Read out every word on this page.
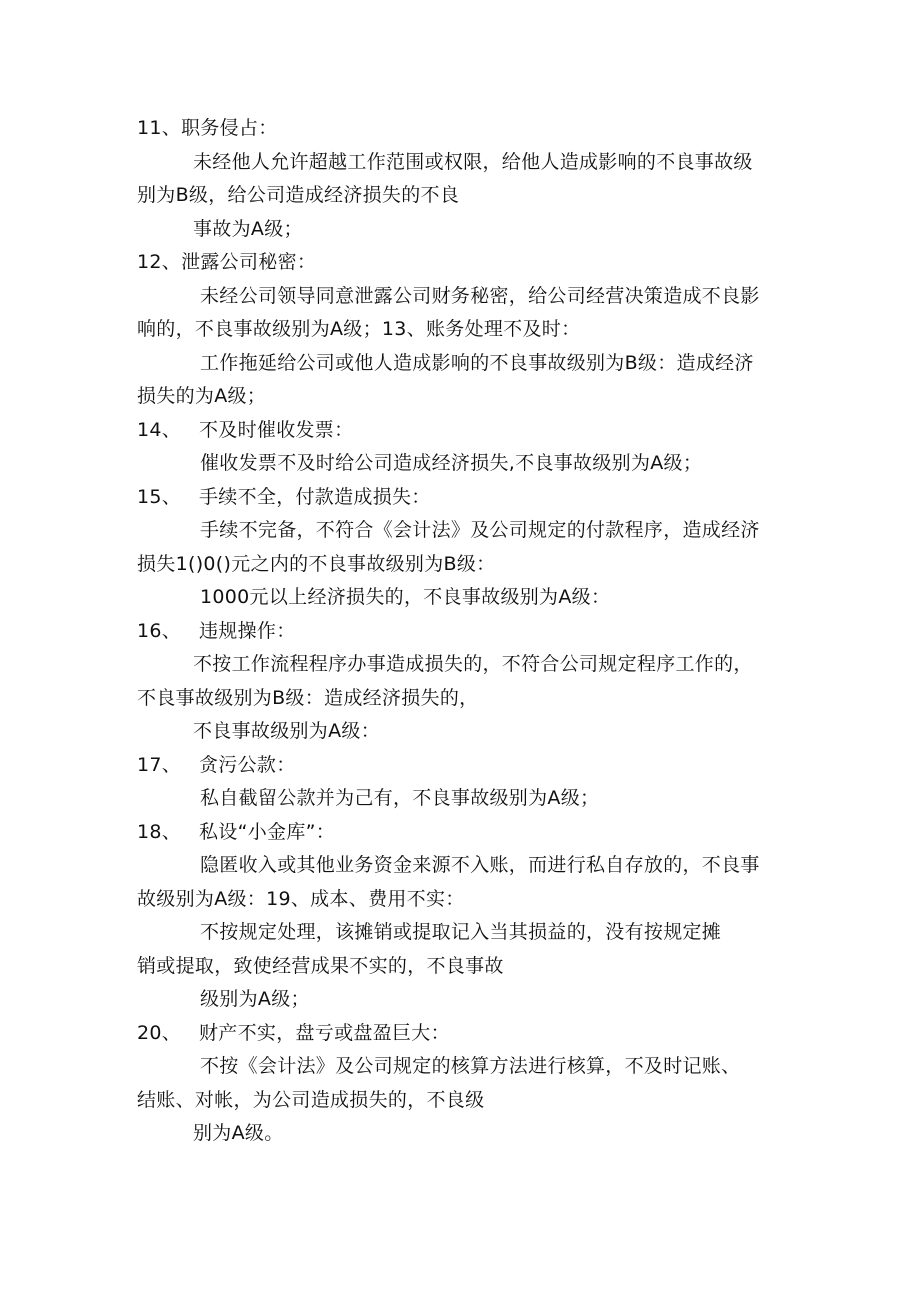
11、职务侵占：
未经他人允许超越工作范围或权限，给他人造成影响的不良事故级
别为B级，给公司造成经济损失的不良
事故为A级；
12、泄露公司秘密：
未经公司领导同意泄露公司财务秘密，给公司经营决策造成不良影
响的，不良事故级别为A级；13、账务处理不及时：
工作拖延给公司或他人造成影响的不良事故级别为B级：造成经济
损失的为A级；
14、 不及时催收发票：
催收发票不及时给公司造成经济损失,不良事故级别为A级；
15、 手续不全，付款造成损失：
手续不完备，不符合《会计法》及公司规定的付款程序，造成经济
损失1()0()元之内的不良事故级别为B级：
1000元以上经济损失的，不良事故级别为A级：
16、 违规操作：
不按工作流程程序办事造成损失的，不符合公司规定程序工作的，
不良事故级别为B级：造成经济损失的，
不良事故级别为A级：
17、 贪污公款：
私自截留公款并为己有，不良事故级别为A级；
18、 私设“小金库”：
隐匿收入或其他业务资金来源不入账，而进行私自存放的，不良事
故级别为A级：19、成本、费用不实：
不按规定处理，该摊销或提取记入当其损益的，没有按规定摊
销或提取，致使经营成果不实的，不良事故
级别为A级；
20、 财产不实，盘亏或盘盈巨大：
不按《会计法》及公司规定的核算方法进行核算，不及时记账、
结账、对帐，为公司造成损失的，不良级
别为A级。
